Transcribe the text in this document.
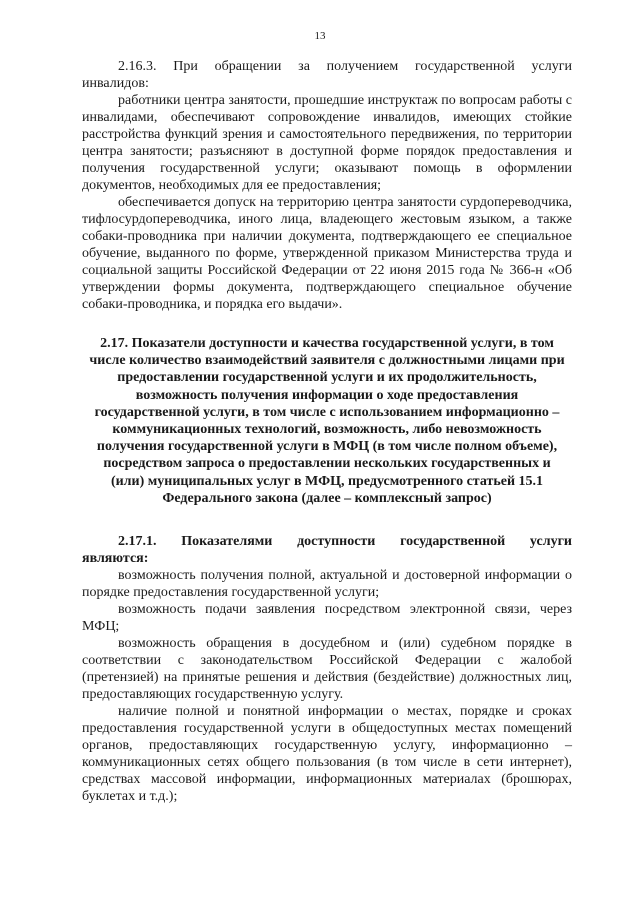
13

2.16.3. При обращении за получением государственной услуги инвалидов:

работники центра занятости, прошедшие инструктаж по вопросам работы с инвалидами, обеспечивают сопровождение инвалидов, имеющих стойкие расстройства функций зрения и самостоятельного передвижения, по территории центра занятости; разъясняют в доступной форме порядок предоставления и получения государственной услуги; оказывают помощь в оформлении документов, необходимых для ее предоставления;

обеспечивается допуск на территорию центра занятости сурдопереводчика, тифлосурдопереводчика, иного лица, владеющего жестовым языком, а также собаки-проводника при наличии документа, подтверждающего ее специальное обучение, выданного по форме, утвержденной приказом Министерства труда и социальной защиты Российской Федерации от 22 июня 2015 года № 366-н «Об утверждении формы документа, подтверждающего специальное обучение собаки-проводника, и порядка его выдачи».

2.17. Показатели доступности и качества государственной услуги, в том числе количество взаимодействий заявителя с должностными лицами при предоставлении государственной услуги и их продолжительность, возможность получения информации о ходе предоставления государственной услуги, в том числе с использованием информационно – коммуникационных технологий, возможность, либо невозможность получения государственной услуги в МФЦ (в том числе полном объеме), посредством запроса о предоставлении нескольких государственных и (или) муниципальных услуг в МФЦ, предусмотренного статьей 15.1 Федерального закона (далее – комплексный запрос)

2.17.1. Показателями доступности государственной услуги являются:

возможность получения полной, актуальной и достоверной информации о порядке предоставления государственной услуги;

возможность подачи заявления посредством электронной связи, через МФЦ;

возможность обращения в досудебном и (или) судебном порядке в соответствии с законодательством Российской Федерации с жалобой (претензией) на принятые решения и действия (бездействие) должностных лиц, предоставляющих государственную услугу.

наличие полной и понятной информации о местах, порядке и сроках предоставления государственной услуги в общедоступных местах помещений органов, предоставляющих государственную услугу, информационно – коммуникационных сетях общего пользования (в том числе в сети интернет), средствах массовой информации, информационных материалах (брошюрах, буклетах и т.д.);
